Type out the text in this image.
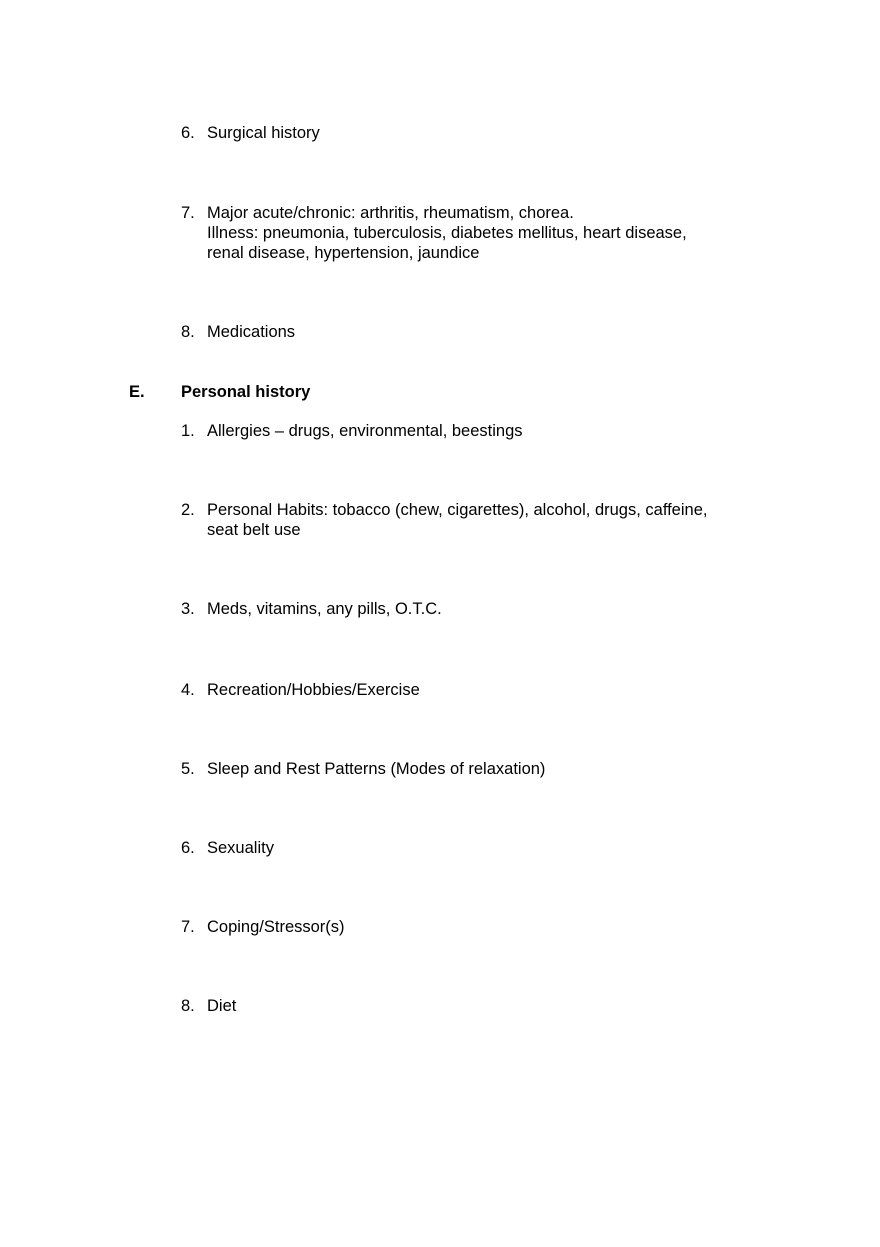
6. Surgical history
7. Major acute/chronic: arthritis, rheumatism, chorea.
Illness: pneumonia, tuberculosis, diabetes mellitus, heart disease,
renal disease, hypertension, jaundice
8. Medications
E. Personal history
1. Allergies – drugs, environmental, beestings
2. Personal Habits: tobacco (chew, cigarettes), alcohol, drugs, caffeine,
seat belt use
3. Meds, vitamins, any pills, O.T.C.
4. Recreation/Hobbies/Exercise
5. Sleep and Rest Patterns (Modes of relaxation)
6. Sexuality
7. Coping/Stressor(s)
8. Diet
